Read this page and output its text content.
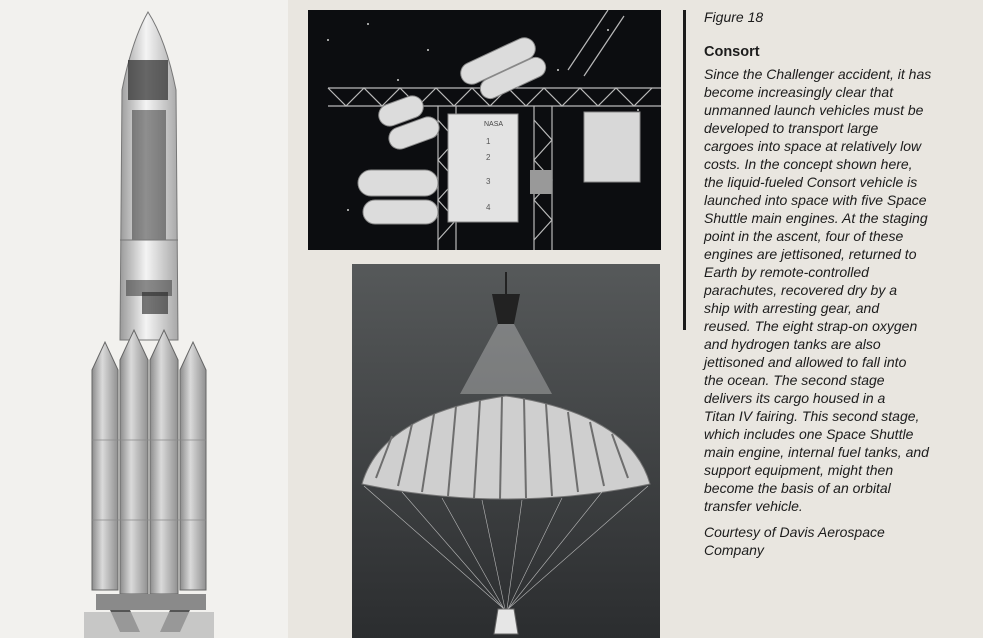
NASA
1
2
3
4

Figure 18

Consort

Since the Challenger accident, it has
become increasingly clear that
unmanned launch vehicles must be
developed to transport large
cargoes into space at relatively low
costs. In the concept shown here,
the liquid-fueled Consort vehicle is
launched into space with five Space
Shuttle main engines. At the staging
point in the ascent, four of these
engines are jettisoned, returned to
Earth by remote-controlled
parachutes, recovered dry by a
ship with arresting gear, and
reused. The eight strap-on oxygen
and hydrogen tanks are also
jettisoned and allowed to fall into
the ocean. The second stage
delivers its cargo housed in a
Titan IV fairing. This second stage,
which includes one Space Shuttle
main engine, internal fuel tanks, and
support equipment, might then
become the basis of an orbital
transfer vehicle.

Courtesy of Davis Aerospace
Company
